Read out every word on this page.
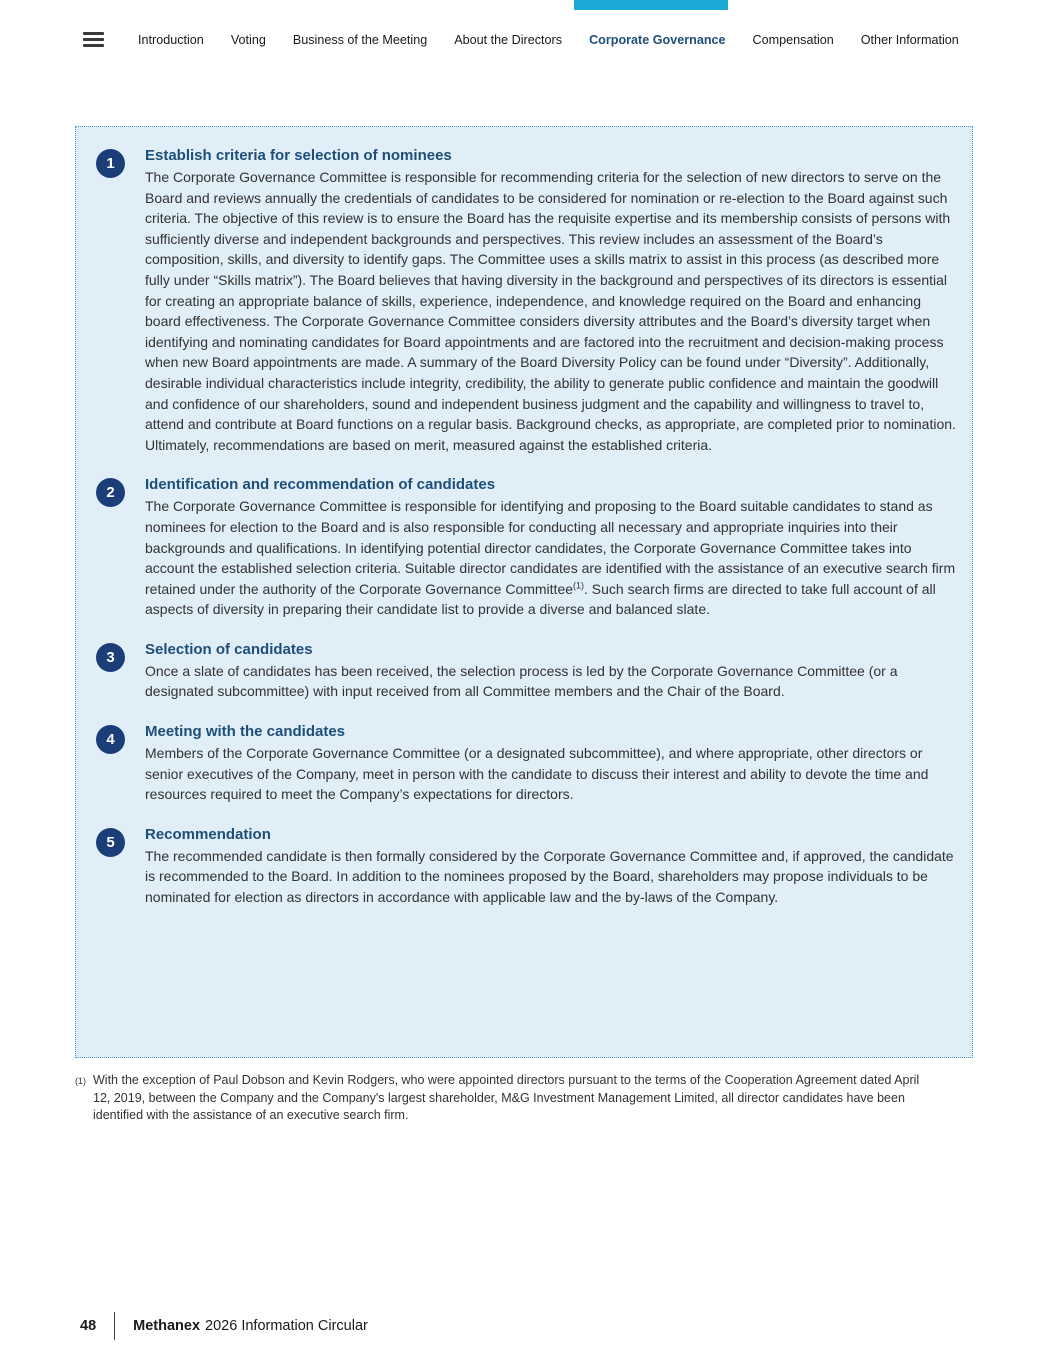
Introduction Voting Business of the Meeting About the Directors Corporate Governance Compensation Other Information
1	Establish criteria for selection of nominees

The Corporate Governance Committee is responsible for recommending criteria for the selection of new directors to serve on the Board and reviews annually the credentials of candidates to be considered for nomination or re-election to the Board against such criteria. The objective of this review is to ensure the Board has the requisite expertise and its membership consists of persons with sufficiently diverse and independent backgrounds and perspectives. This review includes an assessment of the Board’s composition, skills, and diversity to identify gaps. The Committee uses a skills matrix to assist in this process (as described more fully under “Skills matrix”). The Board believes that having diversity in the background and perspectives of its directors is essential for creating an appropriate balance of skills, experience, independence, and knowledge required on the Board and enhancing board effectiveness. The Corporate Governance Committee considers diversity attributes and the Board’s diversity target when identifying and nominating candidates for Board appointments and are factored into the recruitment and decision-making process when new Board appointments are made. A summary of the Board Diversity Policy can be found under “Diversity”. Additionally, desirable individual characteristics include integrity, credibility, the ability to generate public confidence and maintain the goodwill and confidence of our shareholders, sound and independent business judgment and the capability and willingness to travel to, attend and contribute at Board functions on a regular basis. Background checks, as appropriate, are completed prior to nomination. Ultimately, recommendations are based on merit, measured against the established criteria.

2	Identification and recommendation of candidates

The Corporate Governance Committee is responsible for identifying and proposing to the Board suitable candidates to stand as nominees for election to the Board and is also responsible for conducting all necessary and appropriate inquiries into their backgrounds and qualifications. In identifying potential director candidates, the Corporate Governance Committee takes into account the established selection criteria. Suitable director candidates are identified with the assistance of an executive search firm retained under the authority of the Corporate Governance Committee$^{(1)}$. Such search firms are directed to take full account of all aspects of diversity in preparing their candidate list to provide a diverse and balanced slate.

3	Selection of candidates

Once a slate of candidates has been received, the selection process is led by the Corporate Governance Committee (or a designated subcommittee) with input received from all Committee members and the Chair of the Board.

4	Meeting with the candidates

Members of the Corporate Governance Committee (or a designated subcommittee), and where appropriate, other directors or senior executives of the Company, meet in person with the candidate to discuss their interest and ability to devote the time and resources required to meet the Company’s expectations for directors.

5	Recommendation

The recommended candidate is then formally considered by the Corporate Governance Committee and, if approved, the candidate is recommended to the Board. In addition to the nominees proposed by the Board, shareholders may propose individuals to be nominated for election as directors in accordance with applicable law and the by-laws of the Company.

(1) With the exception of Paul Dobson and Kevin Rodgers, who were appointed directors pursuant to the terms of the Cooperation Agreement dated April 12, 2019, between the Company and the Company's largest shareholder, M&G Investment Management Limited, all director candidates have been identified with the assistance of an executive search firm.

48	Methanex 2026 Information Circular
